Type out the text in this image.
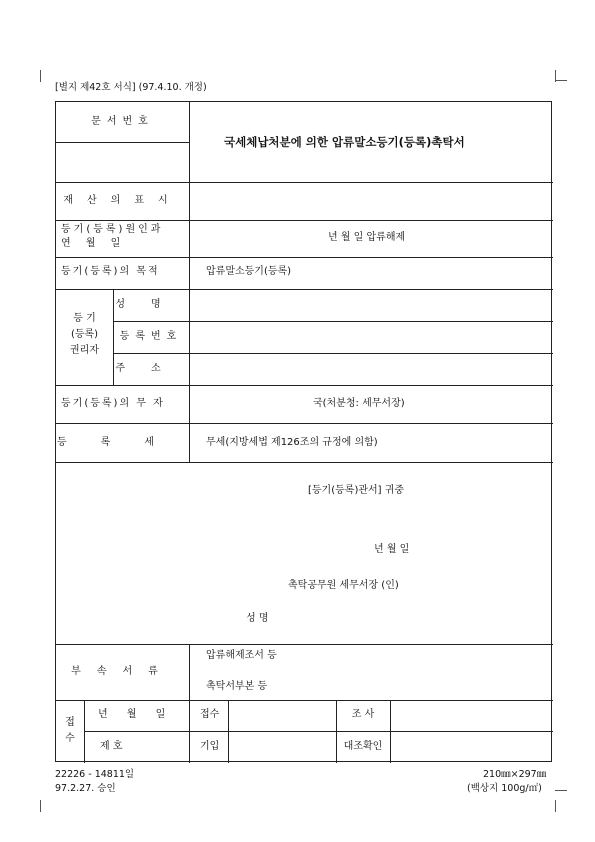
[별지 제42호 서식] (97.4.10. 개정)
문서번호
국세체납처분에 의한 압류말소등기(등록)촉탁서
재산의표시
등기(등록)원인과
연 월 일
년 월 일 압류해제
등기(등록)의 목적	압류말소등기(등록)
등 기
(등록)
권리자
성명
등록번호
주소
등기(등록)의 무 자	국(처분청: 세무서장)
등록세 무세(지방세법 제126조의 규정에 의함)
[등기(등록)관서] 귀중
년 월 일
촉탁공무원 세무서장 (인)
성 명
부속서류
압류해제조서 등
촉탁서부본 등
접
수
년 월 일
제 호
접수
기입
조 사
대조확인
22226 - 14811일
97.2.27. 승인
210㎜×297㎜
(백상지 100g/㎡)
